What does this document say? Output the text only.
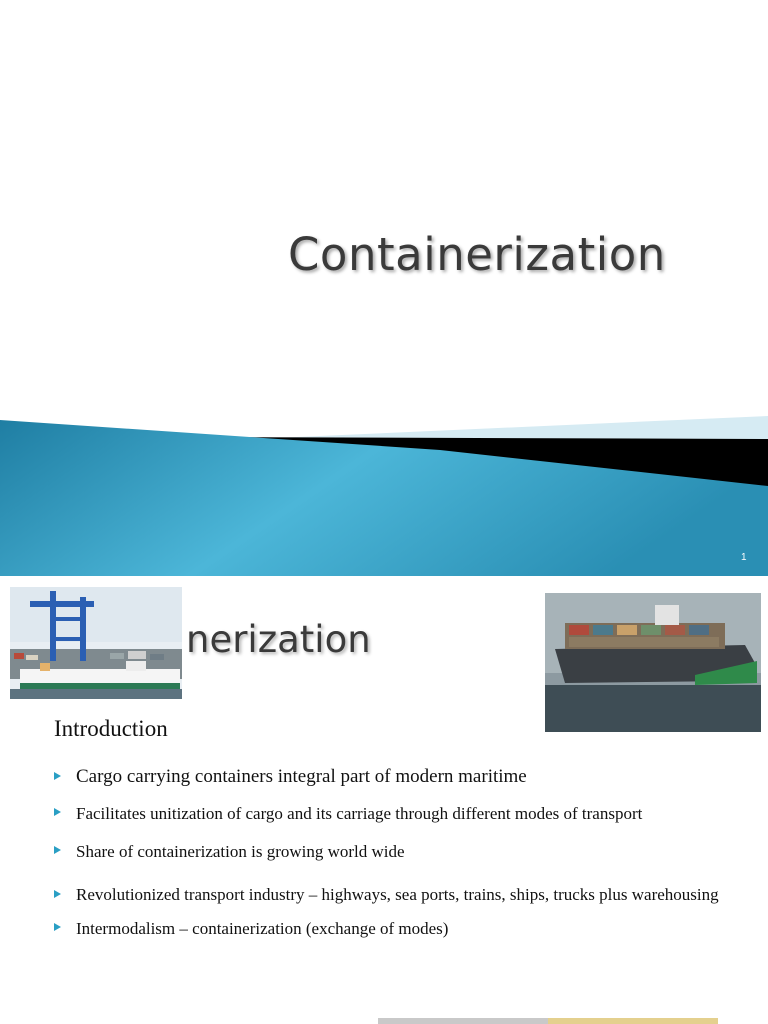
Containerization
1
nerization
Introduction
Cargo carrying containers integral part of modern maritime
Facilitates unitization of cargo and its carriage through different modes of transport
Share of containerization is growing world wide
Revolutionized transport industry – highways, sea ports, trains, ships, trucks plus warehousing
Intermodalism – containerization (exchange of modes)
